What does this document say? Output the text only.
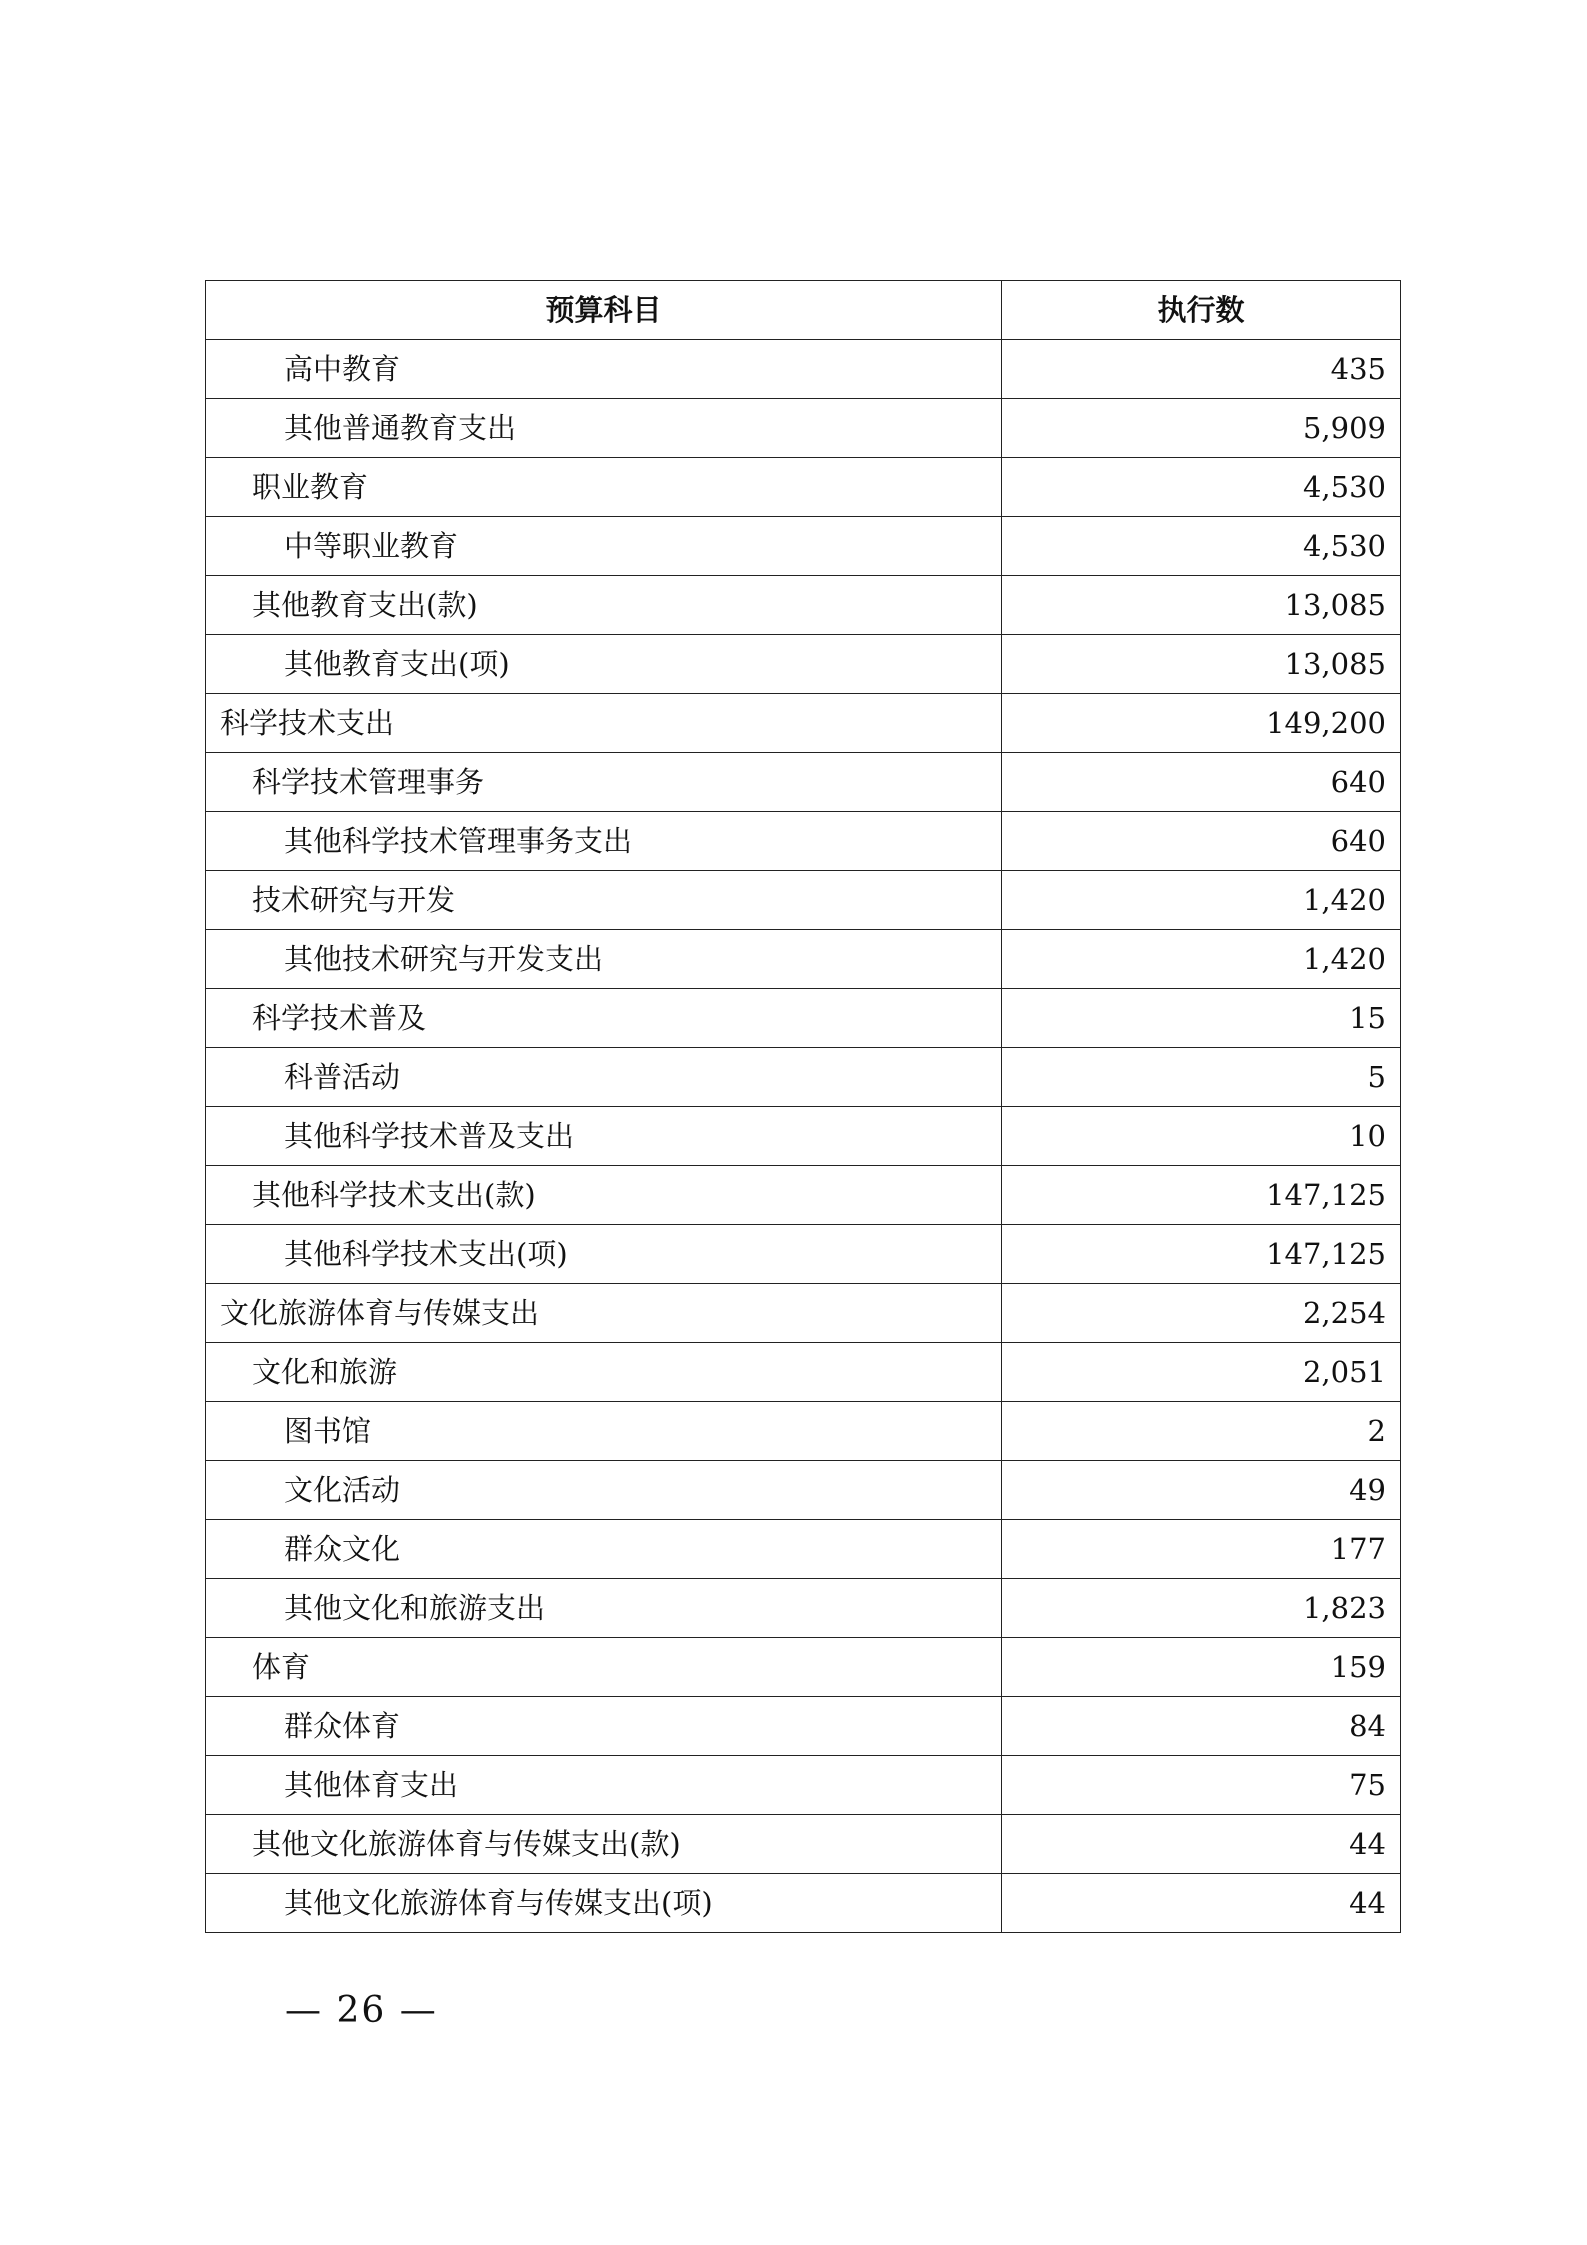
预算科目	执行数
高中教育	435
其他普通教育支出	5,909
职业教育	4,530
中等职业教育	4,530
其他教育支出(款)	13,085
其他教育支出(项)	13,085
科学技术支出	149,200
科学技术管理事务	640
其他科学技术管理事务支出	640
技术研究与开发	1,420
其他技术研究与开发支出	1,420
科学技术普及	15
科普活动	5
其他科学技术普及支出	10
其他科学技术支出(款)	147,125
其他科学技术支出(项)	147,125
文化旅游体育与传媒支出	2,254
文化和旅游	2,051
图书馆	2
文化活动	49
群众文化	177
其他文化和旅游支出	1,823
体育	159
群众体育	84
其他体育支出	75
其他文化旅游体育与传媒支出(款)	44
其他文化旅游体育与传媒支出(项)	44
— 26 —
